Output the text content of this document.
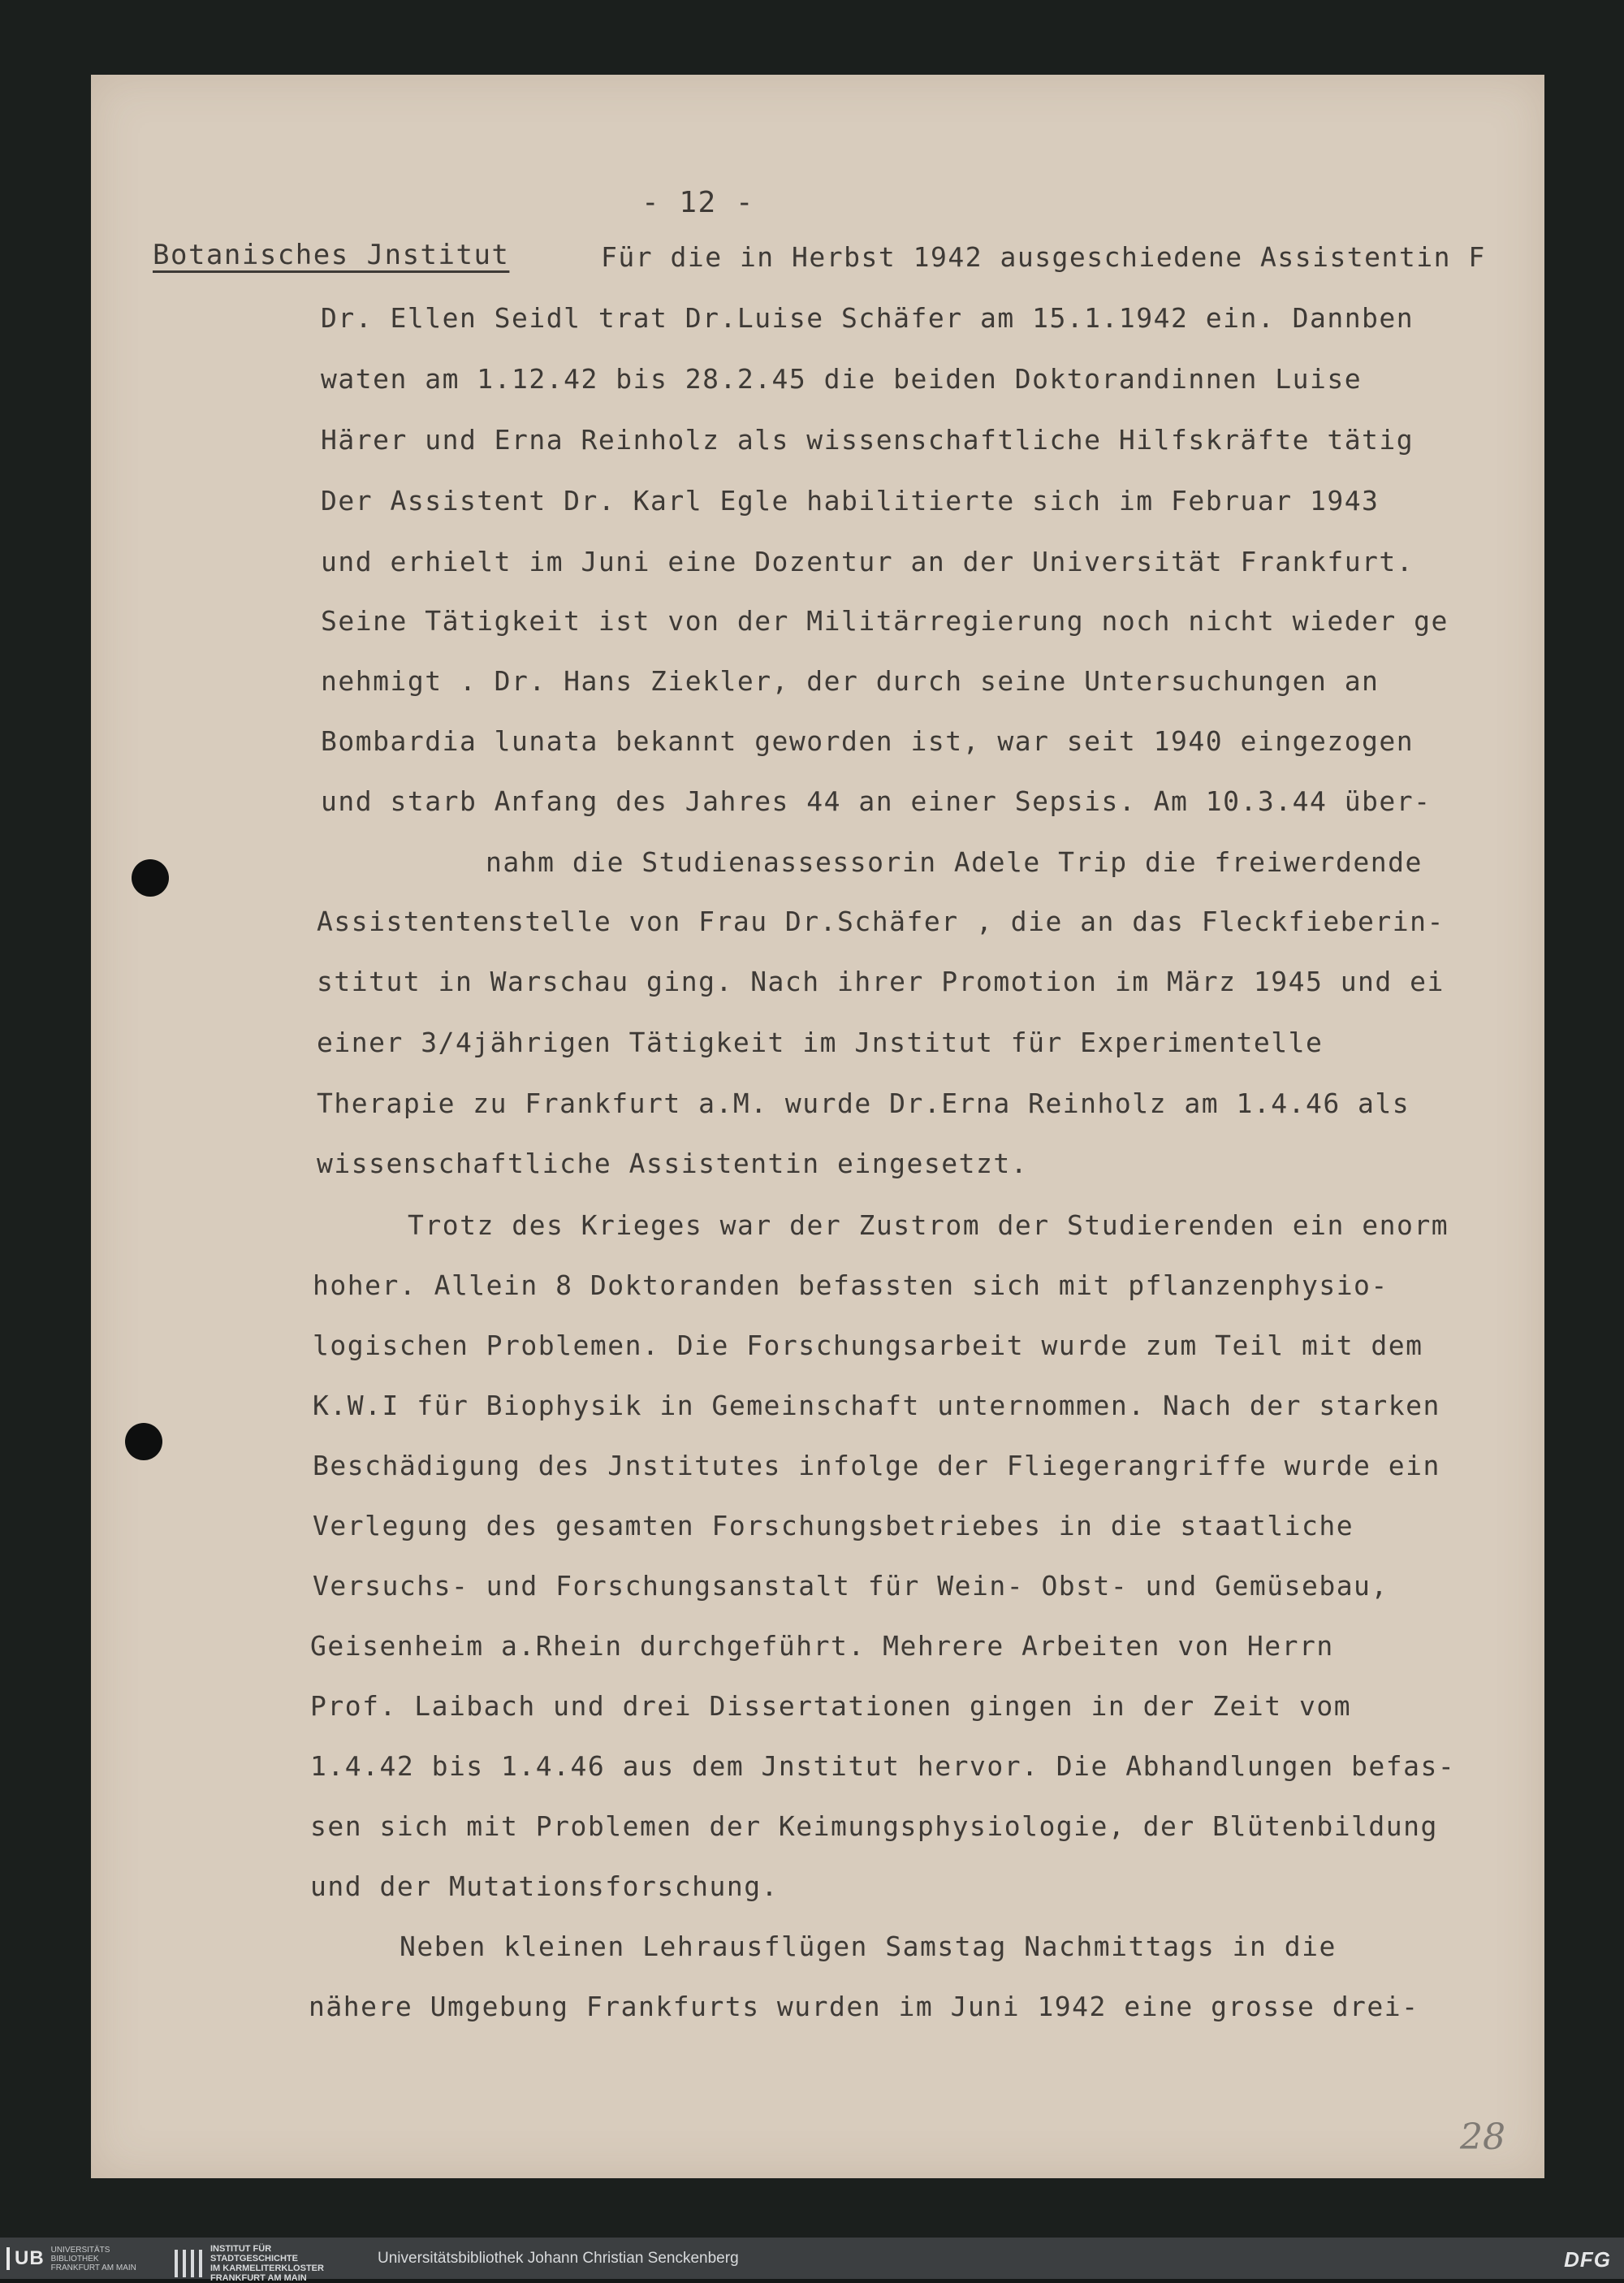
- 12 -
Botanisches Jnstitut	Für die in Herbst 1942 ausgeschiedene Assistentin F
Dr. Ellen Seidl trat Dr.Luise Schäfer am 15.1.1942 ein. Dannben
waten am 1.12.42 bis 28.2.45 die beiden Doktorandinnen Luise
Härer und Erna Reinholz als wissenschaftliche Hilfskräfte tätig
Der Assistent Dr. Karl Egle habilitierte sich im Februar 1943
und erhielt im Juni eine Dozentur an der Universität Frankfurt.
Seine Tätigkeit ist von der Militärregierung noch nicht wieder ge
nehmigt . Dr. Hans Ziekler, der durch seine Untersuchungen an
Bombardia lunata bekannt geworden ist, war seit 1940 eingezogen
und starb Anfang des Jahres 44 an einer Sepsis. Am 10.3.44 über-
nahm die Studienassessorin Adele Trip die freiwerdende
Assistentenstelle von Frau Dr.Schäfer , die an das Fleckfieberin-
stitut in Warschau ging. Nach ihrer Promotion im März 1945 und ei
einer 3/4jährigen Tätigkeit im Jnstitut für Experimentelle
Therapie zu Frankfurt a.M. wurde Dr.Erna Reinholz am 1.4.46 als
wissenschaftliche Assistentin eingesetzt.
Trotz des Krieges war der Zustrom der Studierenden ein enorm
hoher. Allein 8 Doktoranden befassten sich mit pflanzenphysio-
logischen Problemen. Die Forschungsarbeit wurde zum Teil mit dem
K.W.I für Biophysik in Gemeinschaft unternommen. Nach der starken
Beschädigung des Jnstitutes infolge der Fliegerangriffe wurde ein
Verlegung des gesamten Forschungsbetriebes in die staatliche
Versuchs- und Forschungsanstalt für Wein- Obst- und Gemüsebau,
Geisenheim a.Rhein durchgeführt. Mehrere Arbeiten von Herrn
Prof. Laibach und drei Dissertationen gingen in der Zeit vom
1.4.42 bis 1.4.46 aus dem Jnstitut hervor. Die Abhandlungen befas-
sen sich mit Problemen der Keimungsphysiologie, der Blütenbildung
und der Mutationsforschung.
Neben kleinen Lehrausflügen Samstag Nachmittags in die
nähere Umgebung Frankfurts wurden im Juni 1942 eine grosse drei-
28
UB UNIVERSITÄTS
BIBLIOTHEK
FRANKFURT AM MAIN
INSTITUT FÜR
STADTGESCHICHTE
IM KARMELITERKLOSTER
FRANKFURT AM MAIN
Universitätsbibliothek Johann Christian Senckenberg	DFG
